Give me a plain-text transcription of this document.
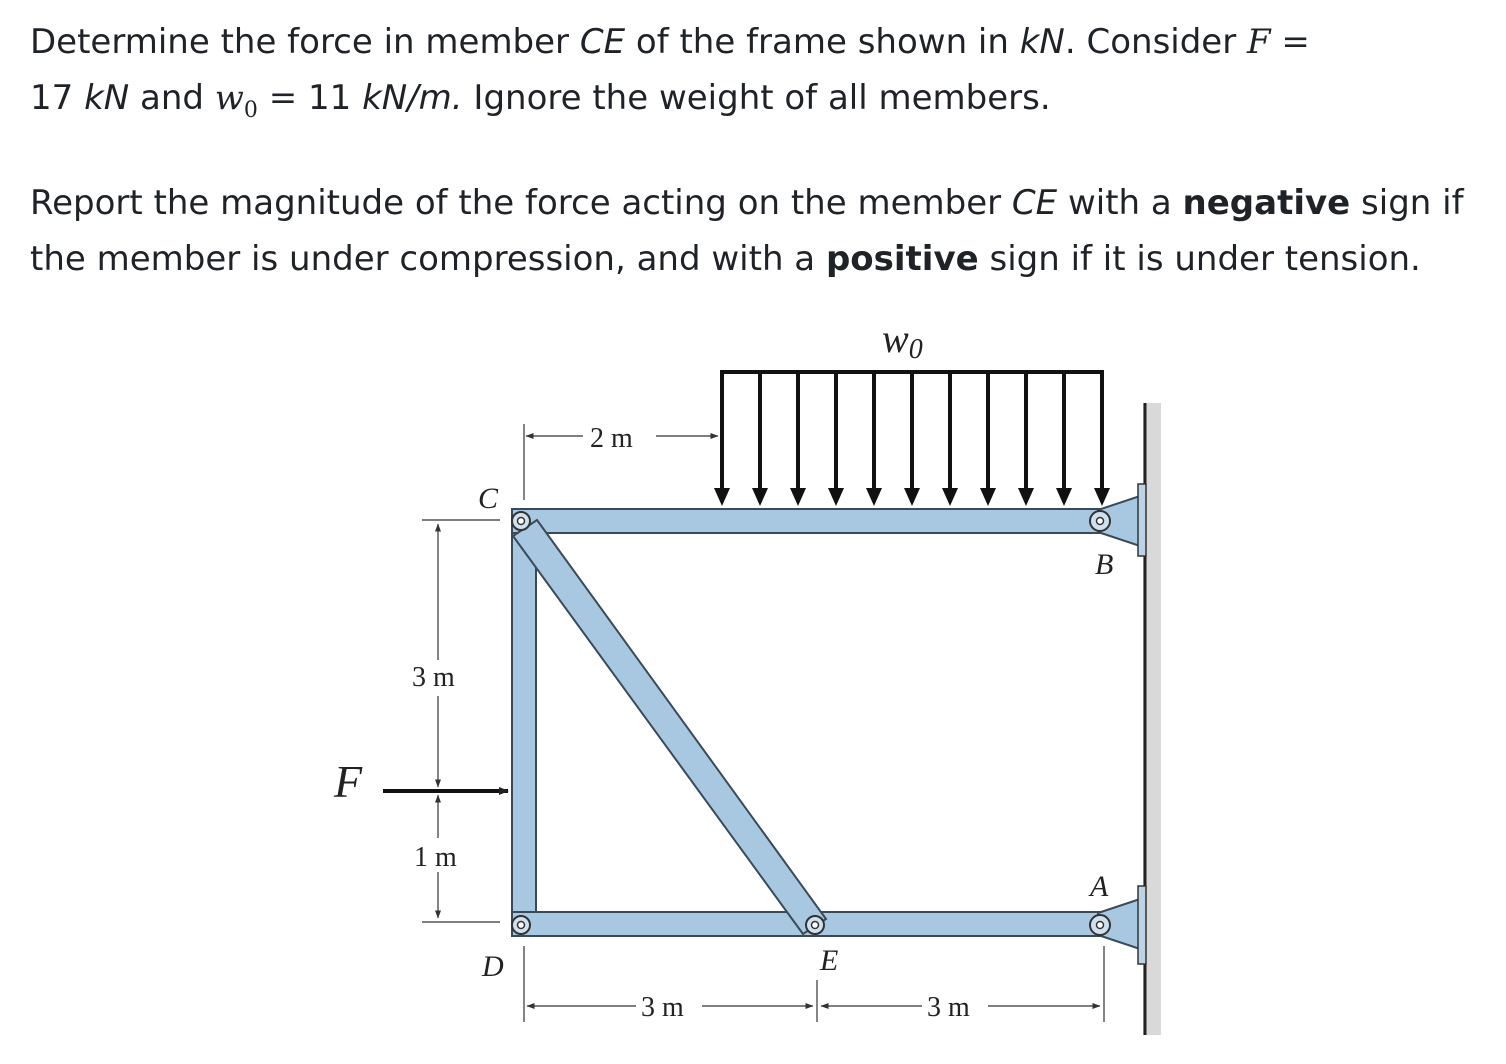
Determine the force in member CE of the frame shown in kN. Consider F =
17 kN and $w_0 = 11$ kN/m. Ignore the weight of all members.

Report the magnitude of the force acting on the member CE with a negative sign if the member is under compression, and with a positive sign if it is under tension.

w0
C
B
A
D	E
F
2 m
3 m
1 m
3 m	3 m
